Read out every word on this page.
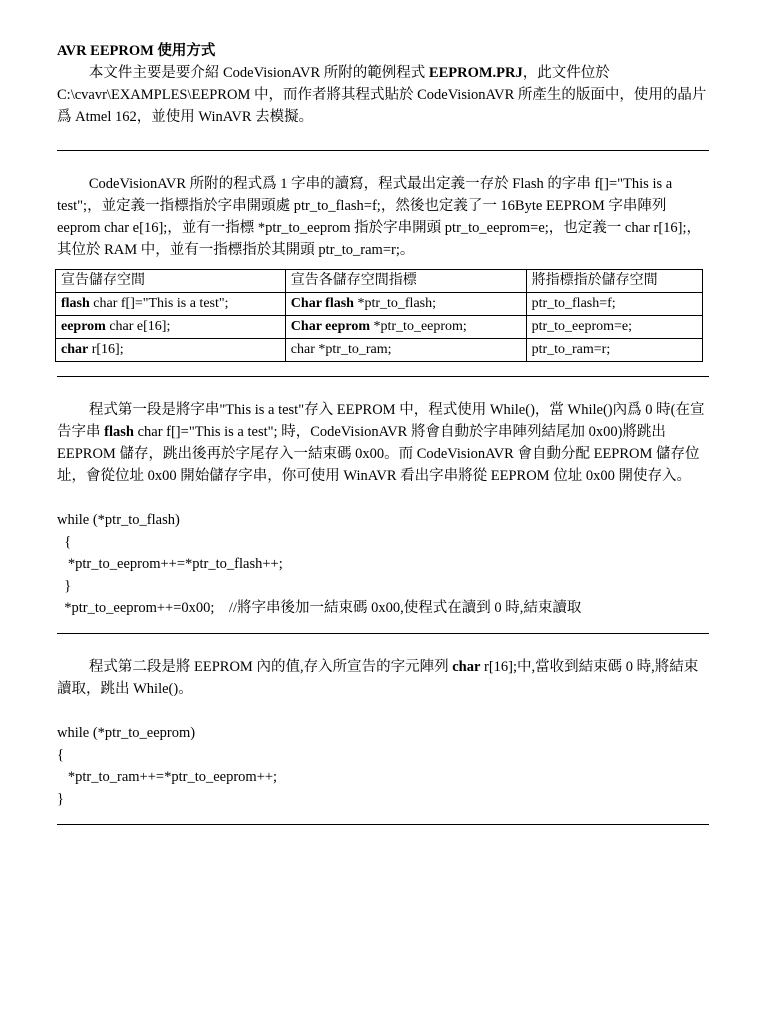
AVR EEPROM 使用方式

本文件主要是要介紹 CodeVisionAVR 所附的範例程式 EEPROM.PRJ，此文件位於 C:\cvavr\EXAMPLES\EEPROM 中，而作者將其程式貼於 CodeVisionAVR 所產生的版面中，使用的晶片爲 Atmel 162，並使用 WinAVR 去模擬。

CodeVisionAVR 所附的程式爲 1 字串的讀寫，程式最出定義一存於 Flash 的字串 f[]="This is a test";，並定義一指標指於字串開頭處 ptr_to_flash=f;，然後也定義了一 16Byte EEPROM 字串陣列 eeprom char e[16];，並有一指標 *ptr_to_eeprom 指於字串開頭 ptr_to_eeprom=e;，也定義一 char r[16];，其位於 RAM 中，並有一指標指於其開頭 ptr_to_ram=r;。

宣告儲存空間	宣告各儲存空間指標	將指標指於儲存空間
flash char f[]="This is a test";	Char flash *ptr_to_flash;	ptr_to_flash=f;
eeprom char e[16];	Char eeprom *ptr_to_eeprom;	ptr_to_eeprom=e;
char r[16];	char *ptr_to_ram;	ptr_to_ram=r;

程式第一段是將字串"This is a test"存入 EEPROM 中，程式使用 While()，當 While()內爲 0 時(在宣告字串 flash char f[]="This is a test"; 時，CodeVisionAVR 將會自動於字串陣列結尾加 0x00)將跳出 EEPROM 儲存，跳出後再於字尾存入一結束碼 0x00。而 CodeVisionAVR 會自動分配 EEPROM 儲存位址，會從位址 0x00 開始儲存字串，你可使用 WinAVR 看出字串將從 EEPROM 位址 0x00 開使存入。

while (*ptr_to_flash)

{

*ptr_to_eeprom++=*ptr_to_flash++;

}

*ptr_to_eeprom++=0x00;    //將字串後加一結束碼 0x00,使程式在讀到 0 時,結束讀取

程式第二段是將 EEPROM 內的值,存入所宣告的字元陣列 char r[16];中,當收到結束碼 0 時,將結束讀取，跳出 While()。

while (*ptr_to_eeprom)

{

*ptr_to_ram++=*ptr_to_eeprom++;

}
